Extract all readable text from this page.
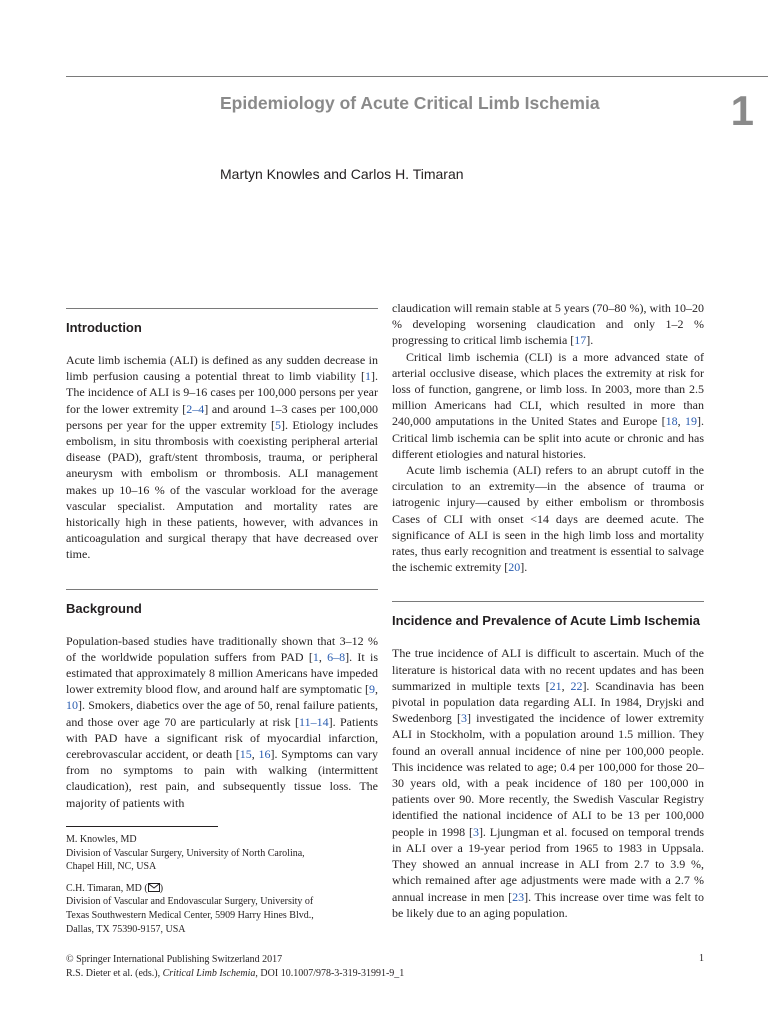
Epidemiology of Acute Critical Limb Ischemia	1
Martyn Knowles and Carlos H. Timaran
Introduction

Acute limb ischemia (ALI) is defined as any sudden decrease in limb perfusion causing a potential threat to limb viability [1]. The incidence of ALI is 9–16 cases per 100,000 persons per year for the lower extremity [2–4] and around 1–3 cases per 100,000 persons per year for the upper extremity [5]. Etiology includes embolism, in situ thrombosis with coexisting peripheral arterial disease (PAD), graft/stent thrombosis, trauma, or peripheral aneurysm with embolism or thrombosis. ALI management makes up 10–16 % of the vascular workload for the average vascular specialist. Amputation and mortality rates are historically high in these patients, however, with advances in anticoagulation and surgical therapy that have decreased over time.

Background

Population-based studies have traditionally shown that 3–12 % of the worldwide population suffers from PAD [1, 6–8]. It is estimated that approximately 8 million Americans have impeded lower extremity blood flow, and around half are symptomatic [9, 10]. Smokers, diabetics over the age of 50, renal failure patients, and those over age 70 are particularly at risk [11–14]. Patients with PAD have a significant risk of myocardial infarction, cerebrovascular accident, or death [15, 16]. Symptoms can vary from no symptoms to pain with walking (intermittent claudication), rest pain, and subsequently tissue loss. The majority of patients with

claudication will remain stable at 5 years (70–80 %), with 10–20 % developing worsening claudication and only 1–2 % progressing to critical limb ischemia [17].

Critical limb ischemia (CLI) is a more advanced state of arterial occlusive disease, which places the extremity at risk for loss of function, gangrene, or limb loss. In 2003, more than 2.5 million Americans had CLI, which resulted in more than 240,000 amputations in the United States and Europe [18, 19]. Critical limb ischemia can be split into acute or chronic and has different etiologies and natural histories.

Acute limb ischemia (ALI) refers to an abrupt cutoff in the circulation to an extremity—in the absence of trauma or iatrogenic injury—caused by either embolism or thrombosis Cases of CLI with onset <14 days are deemed acute. The significance of ALI is seen in the high limb loss and mortality rates, thus early recognition and treatment is essential to salvage the ischemic extremity [20].

Incidence and Prevalence of Acute Limb Ischemia

The true incidence of ALI is difficult to ascertain. Much of the literature is historical data with no recent updates and has been summarized in multiple texts [21, 22]. Scandinavia has been pivotal in population data regarding ALI. In 1984, Dryjski and Swedenborg [3] investigated the incidence of lower extremity ALI in Stockholm, with a population around 1.5 million. They found an overall annual incidence of nine per 100,000 people. This incidence was related to age; 0.4 per 100,000 for those 20–30 years old, with a peak incidence of 180 per 100,000 in patients over 90. More recently, the Swedish Vascular Registry identified the national incidence of ALI to be 13 per 100,000 people in 1998 [3]. Ljungman et al. focused on temporal trends in ALI over a 19-year period from 1965 to 1983 in Uppsala. They showed an annual increase in ALI from 2.7 to 3.9 %, which remained after age adjustments were made with a 2.7 % annual increase in men [23]. This increase over time was felt to be likely due to an aging population.

M. Knowles, MD
Division of Vascular Surgery, University of North Carolina,
Chapel Hill, NC, USA
C.H. Timaran, MD ( )
Division of Vascular and Endovascular Surgery, University of
Texas Southwestern Medical Center, 5909 Harry Hines Blvd.,
Dallas, TX 75390-9157, USA
© Springer International Publishing Switzerland 2017
R.S. Dieter et al. (eds.), Critical Limb Ischemia, DOI 10.1007/978-3-319-31991-9_1
1
